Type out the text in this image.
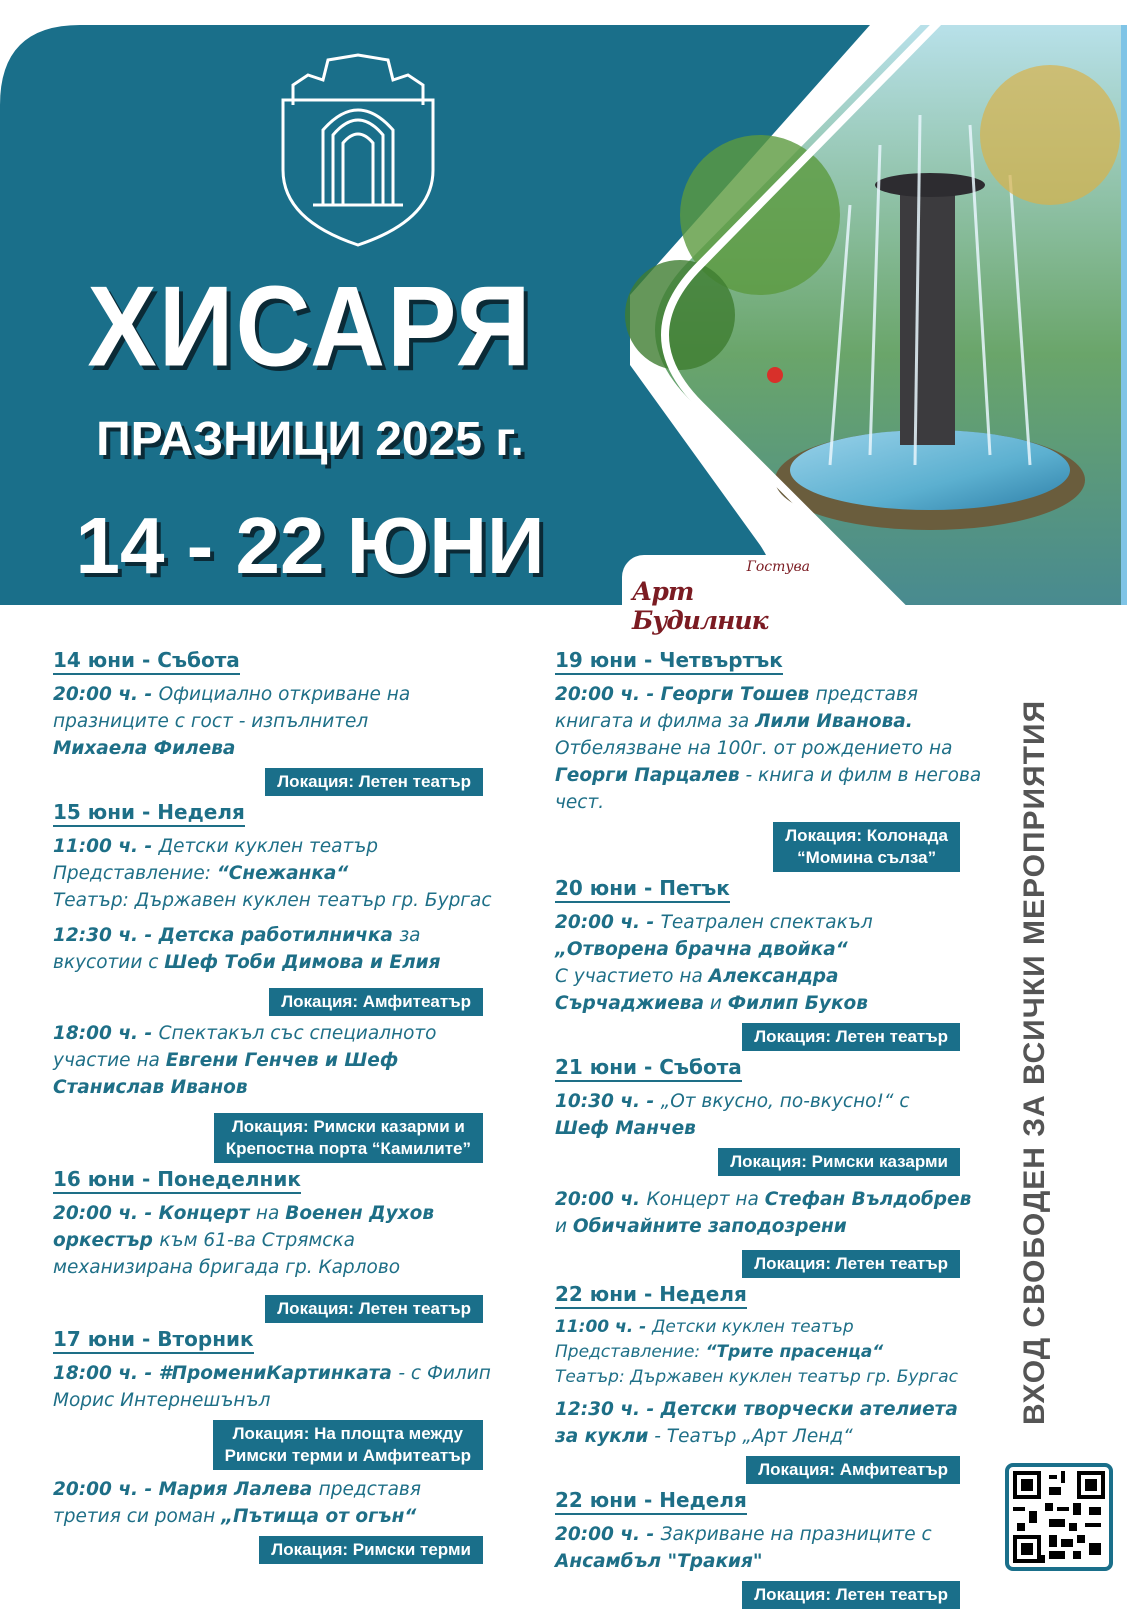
ХИСАРЯ
ПРАЗНИЦИ 2025 г.
14 - 22 ЮНИ	Гостува
Арт Будилник
14 юни - Събота
20:00 ч. - Официално откриване на празниците с гост - изпълнител
Михаела Филева
Локация: Летен театър
15 юни - Неделя
11:00 ч. - Детски куклен театър
Представление: “Снежанка“
Театър: Държавен куклен театър гр. Бургас
12:30 ч. - Детска работилничка за вкусотии с Шеф Тоби Димова и Елия
Локация: Амфитеатър
18:00 ч. - Спектакъл със специалното участие на Евгени Генчев и Шеф Станислав Иванов
Локация: Римски казарми и
Крепостна порта “Камилите”
16 юни - Понеделник
20:00 ч. - Концерт на Военен Духов оркестър към 61-ва Стрямска механизирана бригада гр. Карлово
Локация: Летен театър
17 юни - Вторник
18:00 ч. - #ПромениКартинката - с Филип Морис Интернешънъл
Локация: На площта между
Римски терми и Амфитеатър
20:00 ч. - Мария Лалева представя третия си роман „Пътища от огън“
Локация: Римски терми
19 юни - Четвъртък
20:00 ч. - Георги Тошев представя книгата и филма за Лили Иванова. Отбелязване на 100г. от рождението на Георги Парцалев - книга и филм в негова чест.
Локация: Колонада
“Момина сълза”
20 юни - Петък
20:00 ч. - Театрален спектакъл
„Отворена брачна двойка“
С участието на Александра Сърчаджиева и Филип Буков
Локация: Летен театър
21 юни - Събота
10:30 ч. - „От вкусно, по-вкусно!“ с
Шеф Манчев
Локация: Римски казарми
20:00 ч. Концерт на Стефан Вълдобрев и Обичайните заподозрени
Локация: Летен театър
22 юни - Неделя
11:00 ч. - Детски куклен театър
Представление: “Трите прасенца“
Театър: Държавен куклен театър гр. Бургас
12:30 ч. - Детски творчески ателиета за кукли - Театър „Арт Ленд“
Локация: Амфитеатър
22 юни - Неделя
20:00 ч. - Закриване на празниците с
Ансамбъл "Тракия"
Локация: Летен театър
ВХОД СВОБОДЕН ЗА ВСИЧКИ МЕРОПРИЯТИЯ
